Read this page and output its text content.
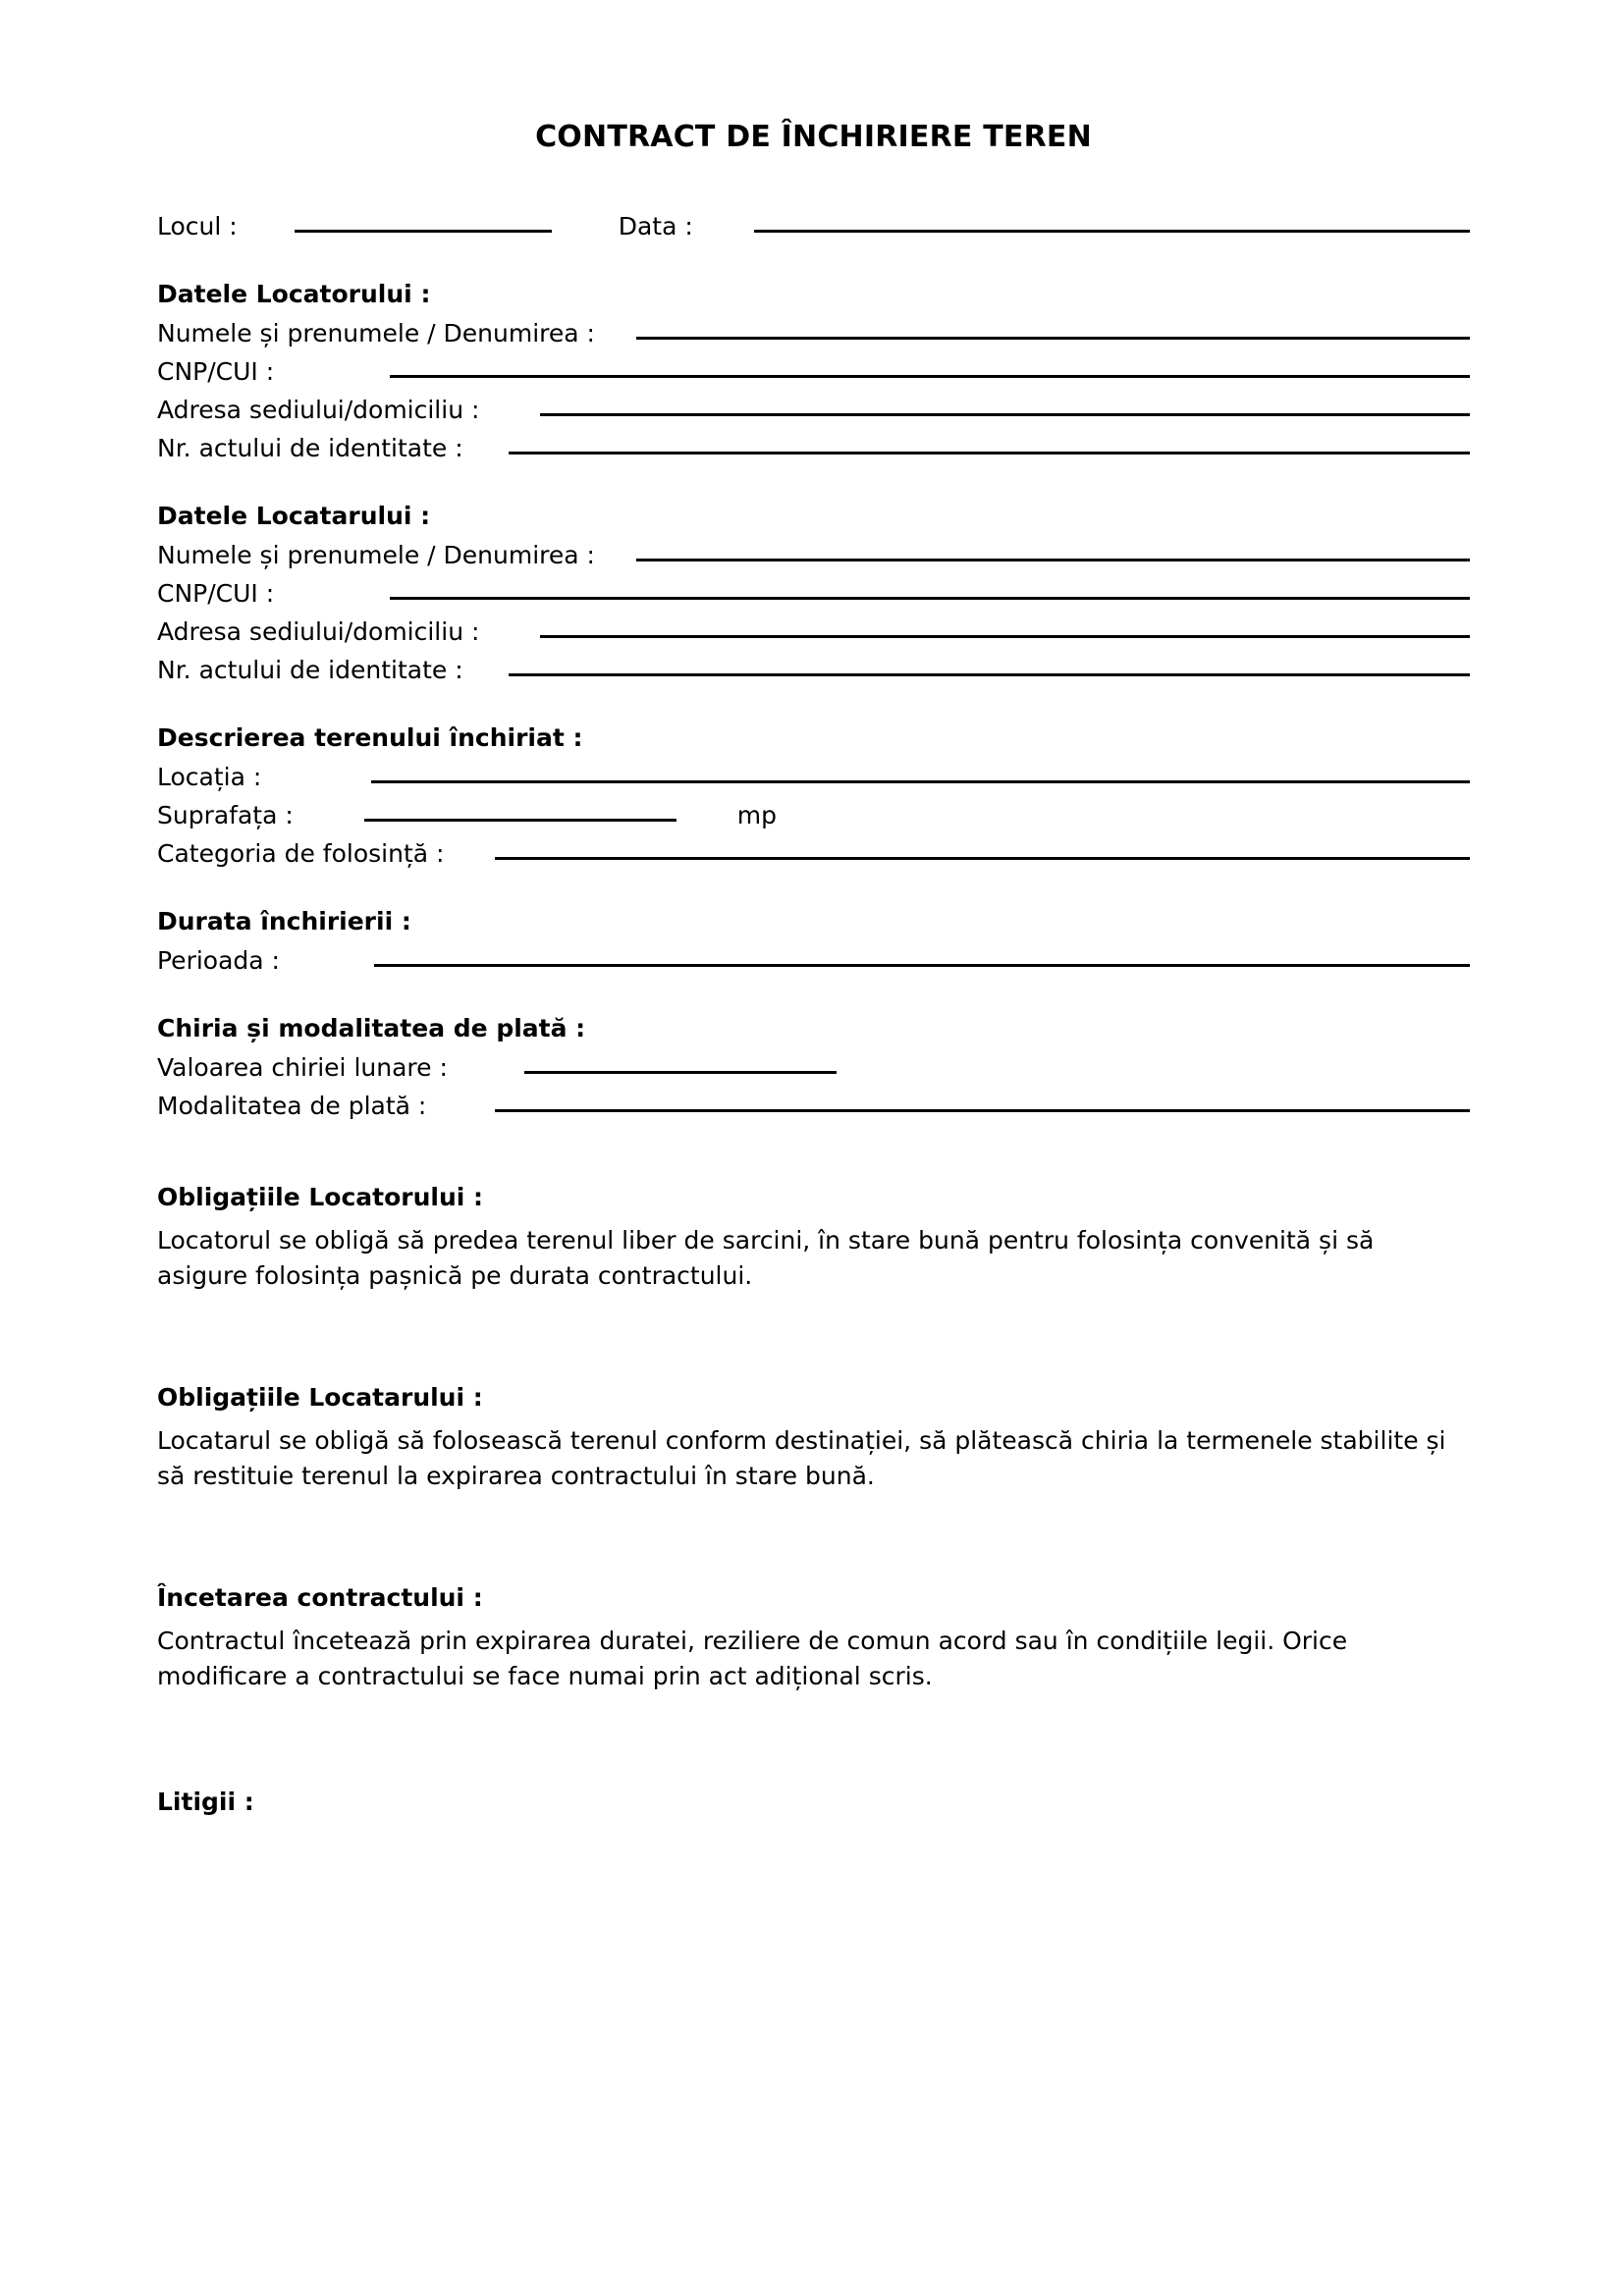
CONTRACT DE ÎNCHIRIERE TEREN
Locul :	Data :
Datele Locatorului :
Numele și prenumele / Denumirea :
CNP/CUI :
Adresa sediului/domiciliu :
Nr. actului de identitate :
Datele Locatarului :
Numele și prenumele / Denumirea :
CNP/CUI :
Adresa sediului/domiciliu :
Nr. actului de identitate :
Descrierea terenului închiriat :
Locația :
Suprafața :	mp
Categoria de folosință :
Durata închirierii :
Perioada :
Chiria și modalitatea de plată :
Valoarea chiriei lunare :
Modalitatea de plată :
Obligațiile Locatorului :
Locatorul se obligă să predea terenul liber de sarcini, în stare bună pentru folosința convenită și să asigure folosința pașnică pe durata contractului.
Obligațiile Locatarului :
Locatarul se obligă să folosească terenul conform destinației, să plătească chiria la termenele stabilite și să restituie terenul la expirarea contractului în stare bună.
Încetarea contractului :
Contractul încetează prin expirarea duratei, reziliere de comun acord sau în condițiile legii. Orice modificare a contractului se face numai prin act adițional scris.
Litigii :
